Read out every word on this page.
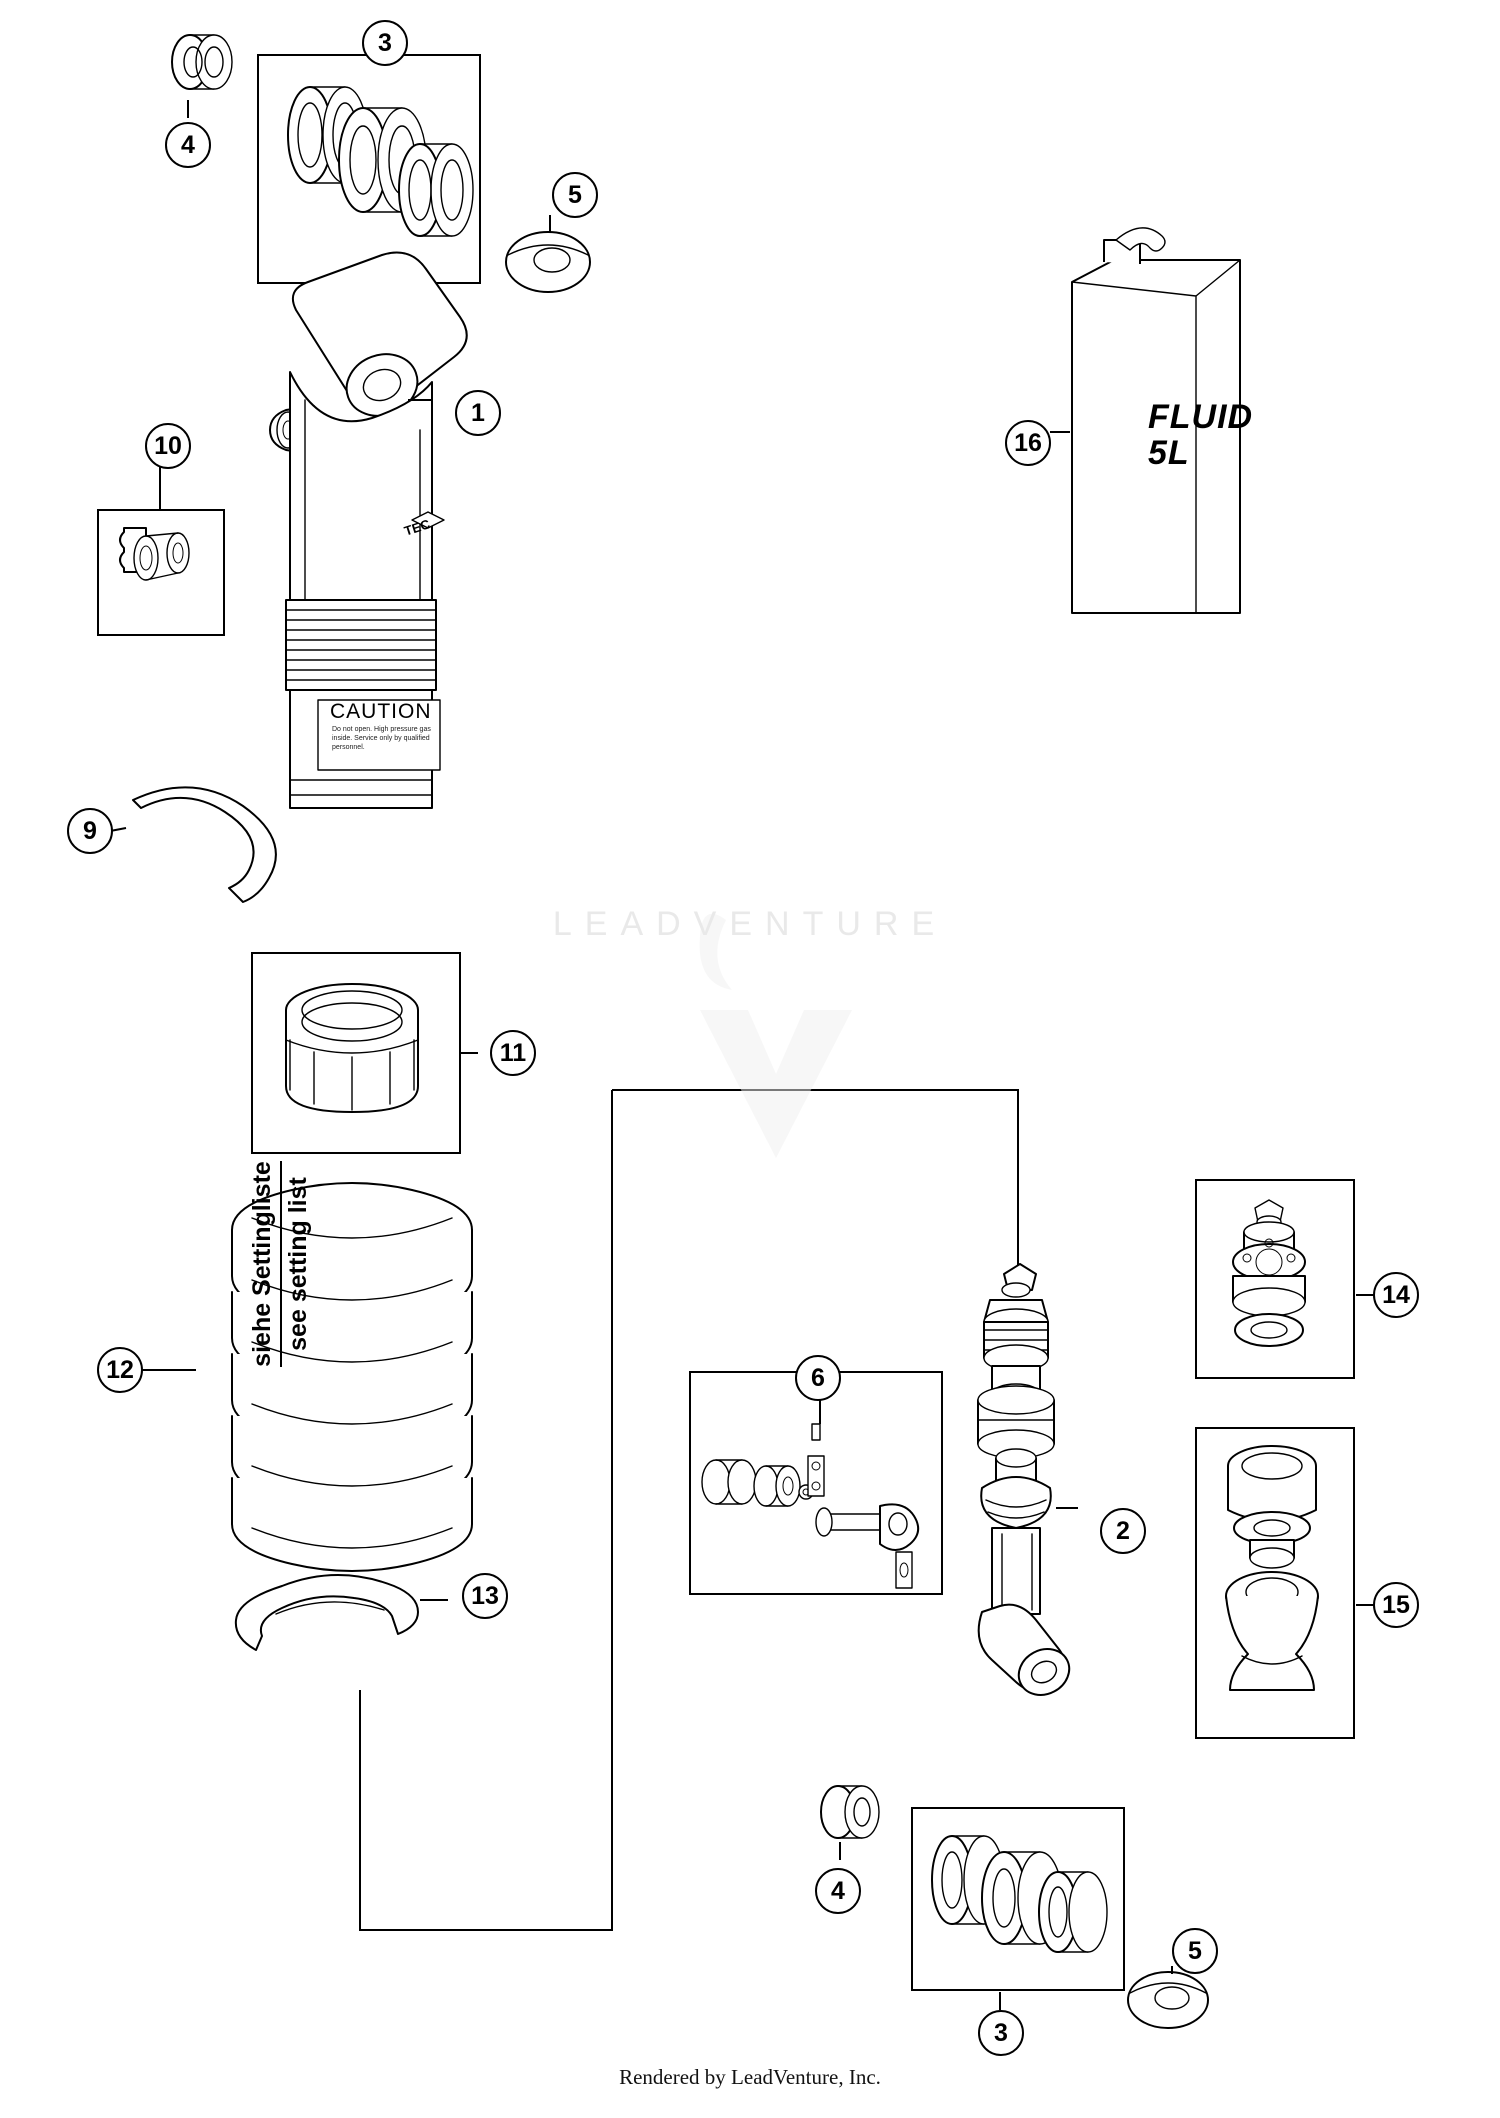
CAUTION
Do not open. High pressure gas inside. Service only by qualified personnel.
TEC
FLUID
5L
siehe Settingliste see setting list
LEADVENTURE
1
2
3
4
5
6
9
10
11
12
13
14
15
16
3
4
5
Rendered by LeadVenture, Inc.
